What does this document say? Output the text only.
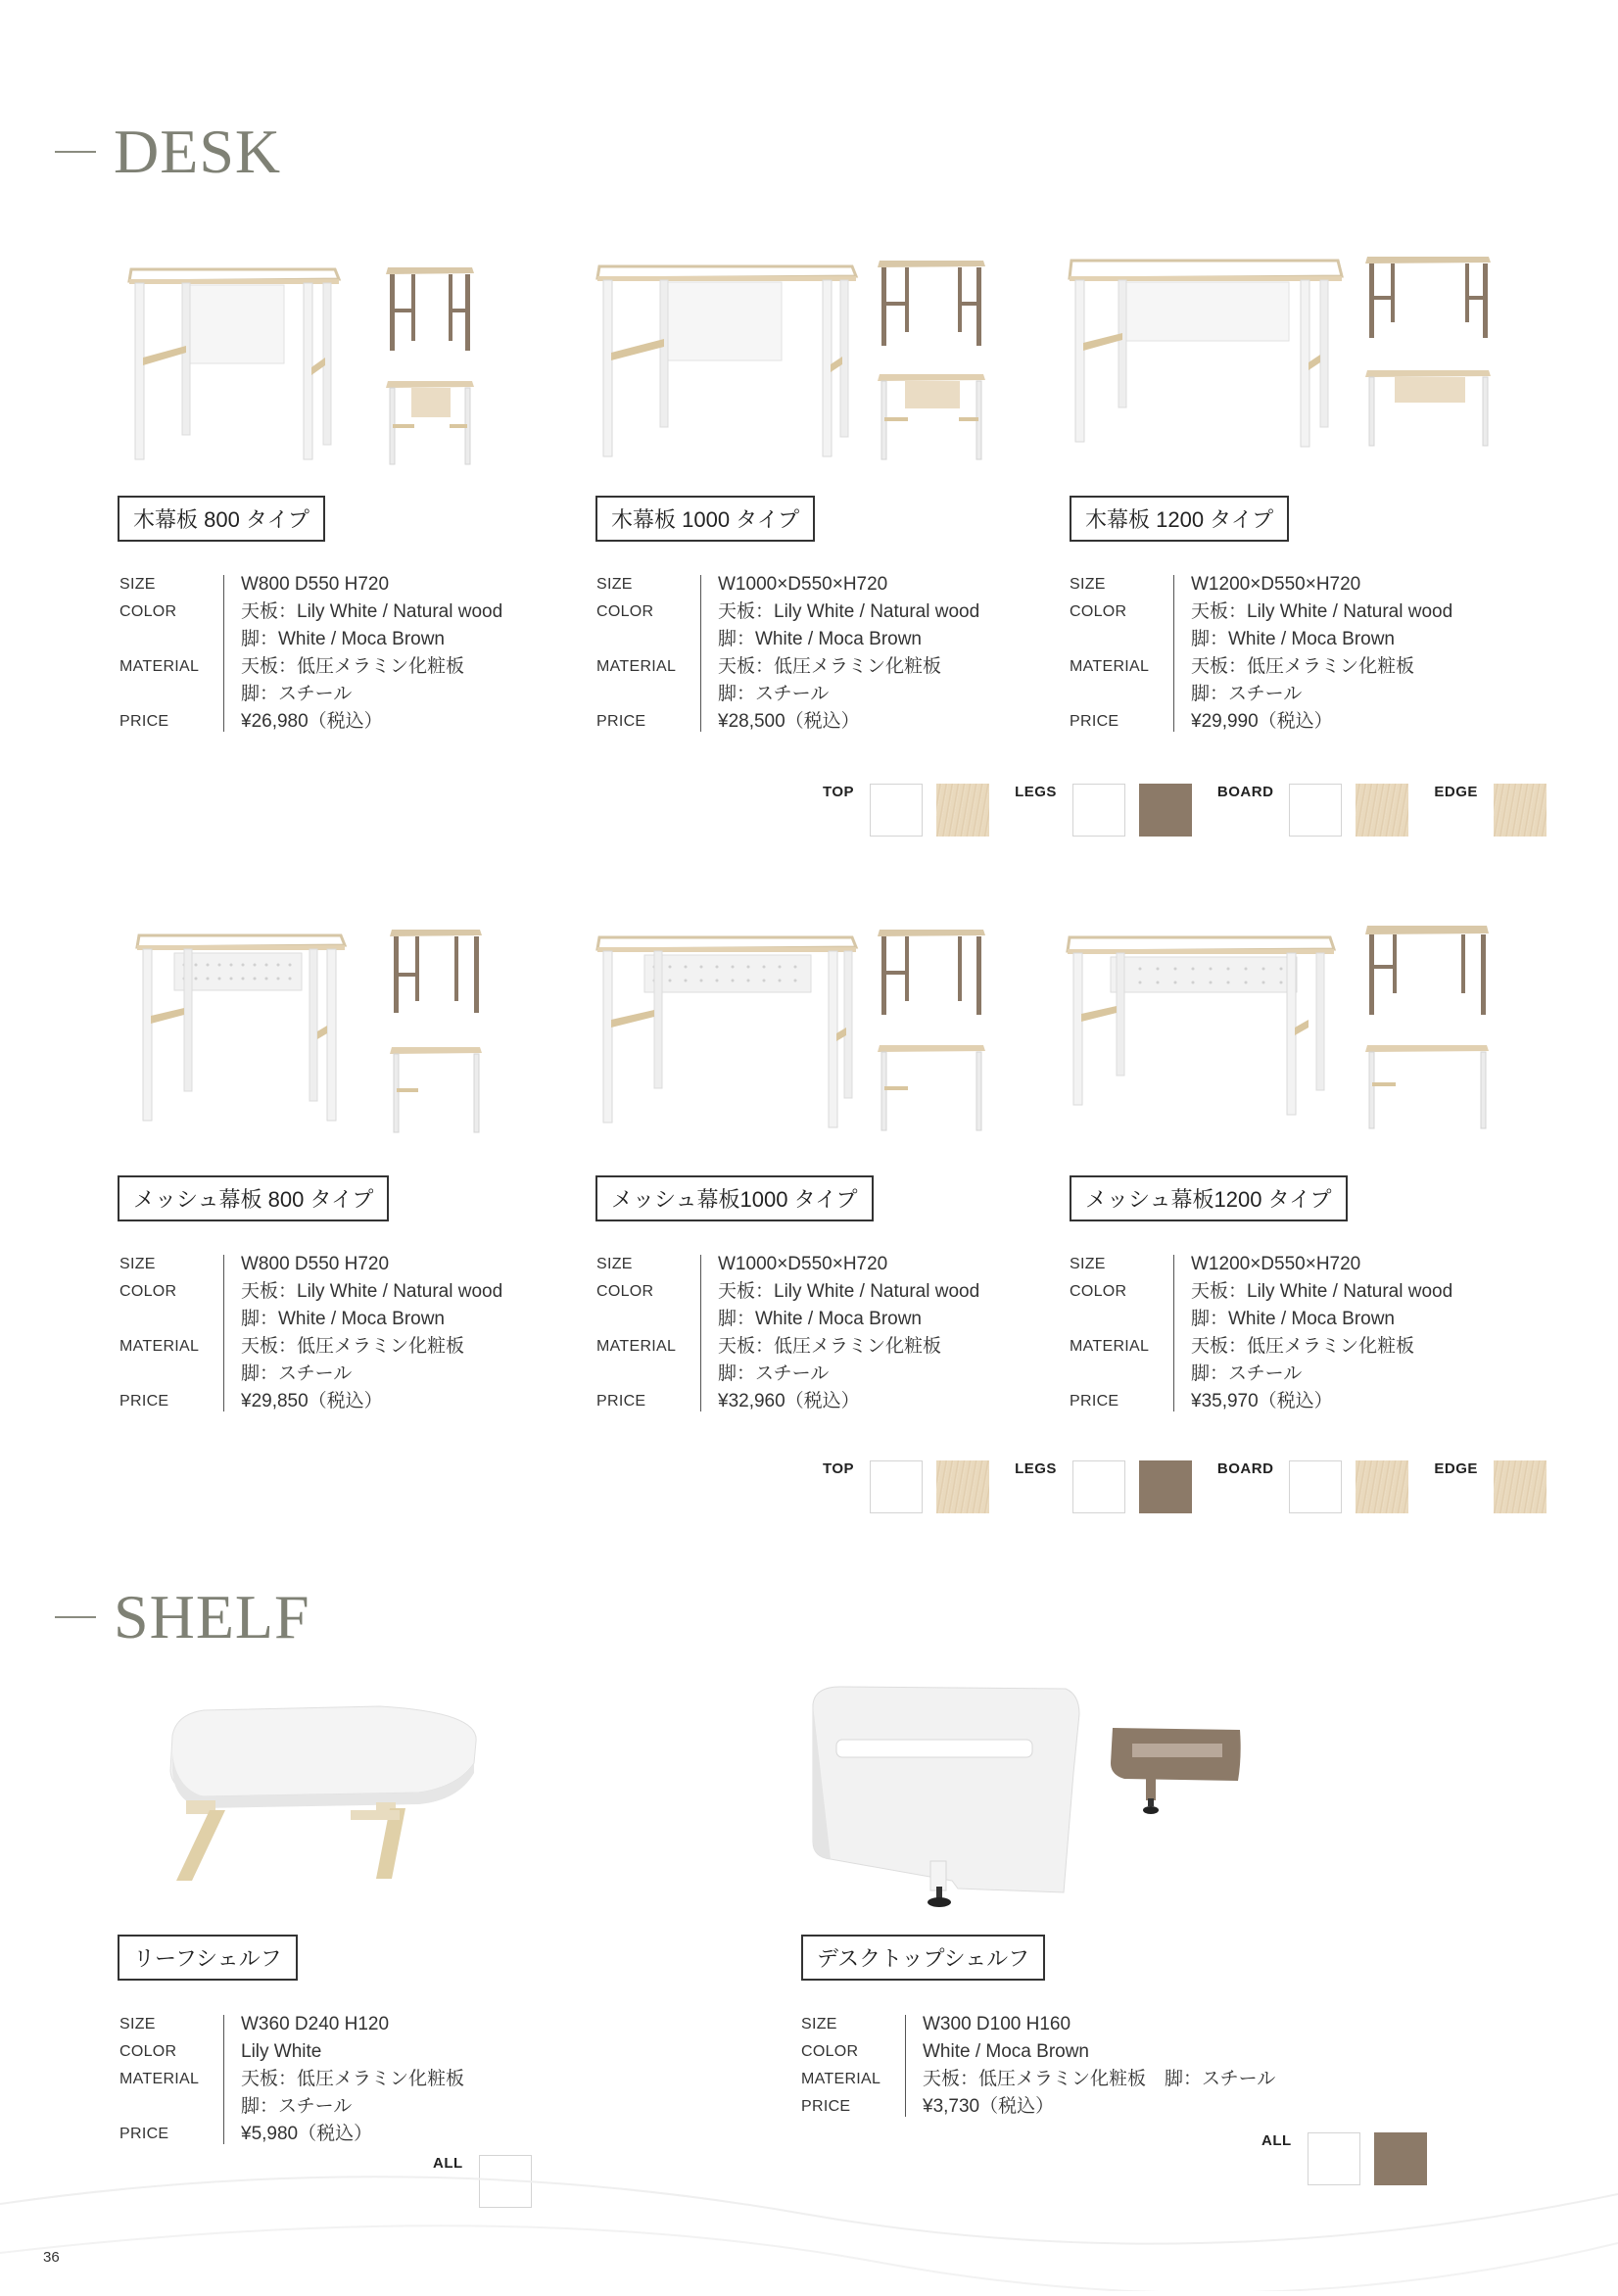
DESK
木幕板 800 タイプ	木幕板 1000 タイプ	木幕板 1200 タイプ
SIZE	W800 D550 H720
COLOR	天板：Lily White / Natural wood
脚：White / Moca Brown
MATERIAL	天板：低圧メラミン化粧板
脚：スチール
PRICE	¥26,980（税込）
SIZE	W1000×D550×H720
COLOR	天板：Lily White / Natural wood
脚：White / Moca Brown
MATERIAL	天板：低圧メラミン化粧板
脚：スチール
PRICE	¥28,500（税込）
SIZE	W1200×D550×H720
COLOR	天板：Lily White / Natural wood
脚：White / Moca Brown
MATERIAL	天板：低圧メラミン化粧板
脚：スチール
PRICE	¥29,990（税込）
TOP	LEGS	BOARD	EDGE
メッシュ幕板 800 タイプ	メッシュ幕板1000 タイプ	メッシュ幕板1200 タイプ
SIZE	W800 D550 H720
COLOR	天板：Lily White / Natural wood
脚：White / Moca Brown
MATERIAL	天板：低圧メラミン化粧板
脚：スチール
PRICE	¥29,850（税込）
SIZE	W1000×D550×H720
COLOR	天板：Lily White / Natural wood
脚：White / Moca Brown
MATERIAL	天板：低圧メラミン化粧板
脚：スチール
PRICE	¥32,960（税込）
SIZE	W1200×D550×H720
COLOR	天板：Lily White / Natural wood
脚：White / Moca Brown
MATERIAL	天板：低圧メラミン化粧板
脚：スチール
PRICE	¥35,970（税込）
TOP	LEGS	BOARD	EDGE
SHELF
リーフシェルフ	デスクトップシェルフ
SIZE	W360 D240 H120
COLOR	Lily White
MATERIAL	天板：低圧メラミン化粧板
脚：スチール
PRICE	¥5,980（税込）
SIZE	W300 D100 H160
COLOR	White / Moca Brown
MATERIAL	天板：低圧メラミン化粧板　脚：スチール
PRICE	¥3,730（税込）
ALL
ALL
36
